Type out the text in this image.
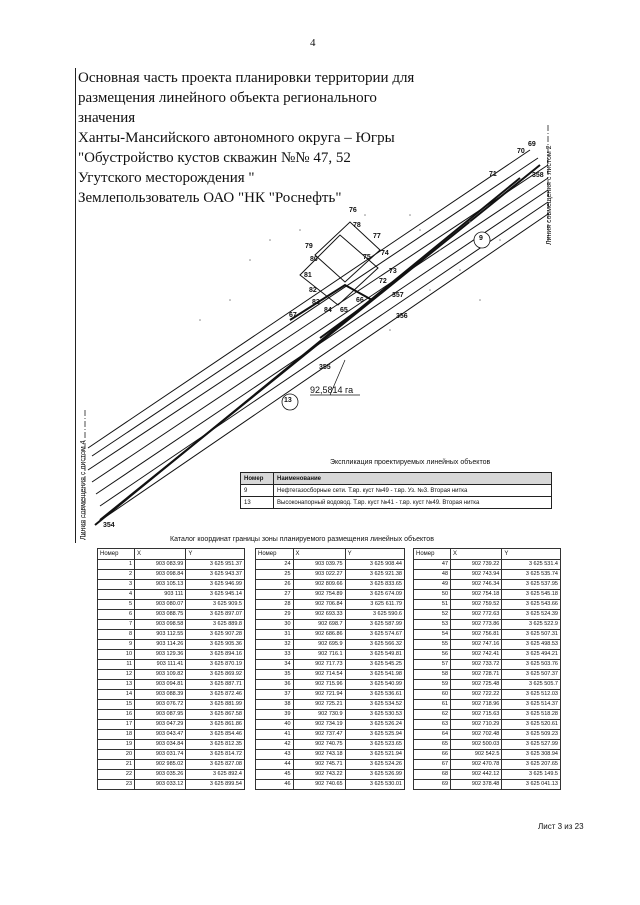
4
Основная часть проекта планировки территории для
размещения линейного объекта регионального
значения
Ханты-Мансийского автономного округа – Югры
"Обустройство кустов скважин №№ 47, 52
Угутского месторождения "
Землепользователь ОАО "НК "Роснефть"
9
13
Линия совмещения с листом 2
Линия совмещения с листом 4
92,5814 га
70
69
71	358
76
77
79
78
80	75
74
73
81
72
82
357
83
84
66
67
65
356
355
354
Экспликация проектируемых линейных объектов
Номер	Наименование
9	Нефтегазосборные сети. Т.вр. куст №49 - т.вр. Уз. №3. Вторая нитка
13	Высоконапорный водовод. Т.вр. куст №41 - т.вр. куст №49. Вторая нитка
Каталог координат границы зоны планируемого размещения линейных объектов
Номер	X	Y
1	903 083.99	3 625 951.37
2	903 098.84	3 625 943.37
3	903 105.13	3 625 946.99
4	903 111	3 625 945.14
5	903 080.07	3 625 909.5
6	903 088.75	3 625 897.07
7	903 098.58	3 625 889.8
8	903 112.55	3 625 907.28
9	903 114.26	3 625 905.36
10	903 129.36	3 625 894.16
11	903 111.41	3 625 870.19
12	903 109.82	3 625 869.92
13	903 094.81	3 625 887.71
14	903 088.39	3 625 872.46
15	903 076.72	3 625 881.99
16	903 087.95	3 625 867.58
17	903 047.29	3 625 861.86
18	903 043.47	3 625 854.46
19	903 034.84	3 625 812.35
20	903 031.74	3 625 814.72
21	902 985.02	3 625 827.08
22	903 035.26	3 625 892.4
23	903 033.12	3 625 899.54
Номер	X	Y
24	903 039.75	3 625 908.44
25	903 022.27	3 625 921.38
26	902 809.66	3 625 833.65
27	902 754.89	3 625 674.09
28	902 706.84	3 625 611.79
29	902 693.33	3 625 590.6
30	902 698.7	3 625 587.99
31	902 686.86	3 625 574.67
32	902 695.9	3 625 566.32
33	902 716.1	3 625 549.81
34	902 717.73	3 625 545.25
35	902 714.54	3 625 541.98
36	902 715.96	3 625 540.99
37	902 721.94	3 625 536.61
38	902 725.21	3 625 534.52
39	902 730.9	3 625 530.53
40	902 734.19	3 625 526.24
41	902 737.47	3 625 525.94
42	902 740.75	3 625 523.65
43	902 743.18	3 625 521.94
44	902 745.71	3 625 524.26
45	902 743.22	3 625 526.99
46	902 740.65	3 625 530.01
Номер	X	Y
47	902 739.22	3 625 531.4
48	902 743.94	3 625 535.74
49	902 746.34	3 625 537.95
50	902 754.18	3 625 545.18
51	902 759.52	3 625 543.66
52	902 772.63	3 625 524.39
53	902 773.86	3 625 522.9
54	902 756.81	3 625 507.31
55	902 747.16	3 625 498.53
56	902 742.41	3 625 494.21
57	902 733.72	3 625 503.76
58	902 728.71	3 625 507.37
59	902 725.48	3 625 505.7
60	902 722.22	3 625 512.03
61	902 718.96	3 625 514.37
62	902 715.63	3 625 518.28
63	902 710.29	3 625 520.61
64	902 702.48	3 625 509.23
65	902 500.03	3 625 527.99
66	902 542.5	3 625 308.94
67	902 470.78	3 625 207.65
68	902 442.12	3 625 149.5
69	902 378.48	3 625 041.13
Лист 3 из 23
